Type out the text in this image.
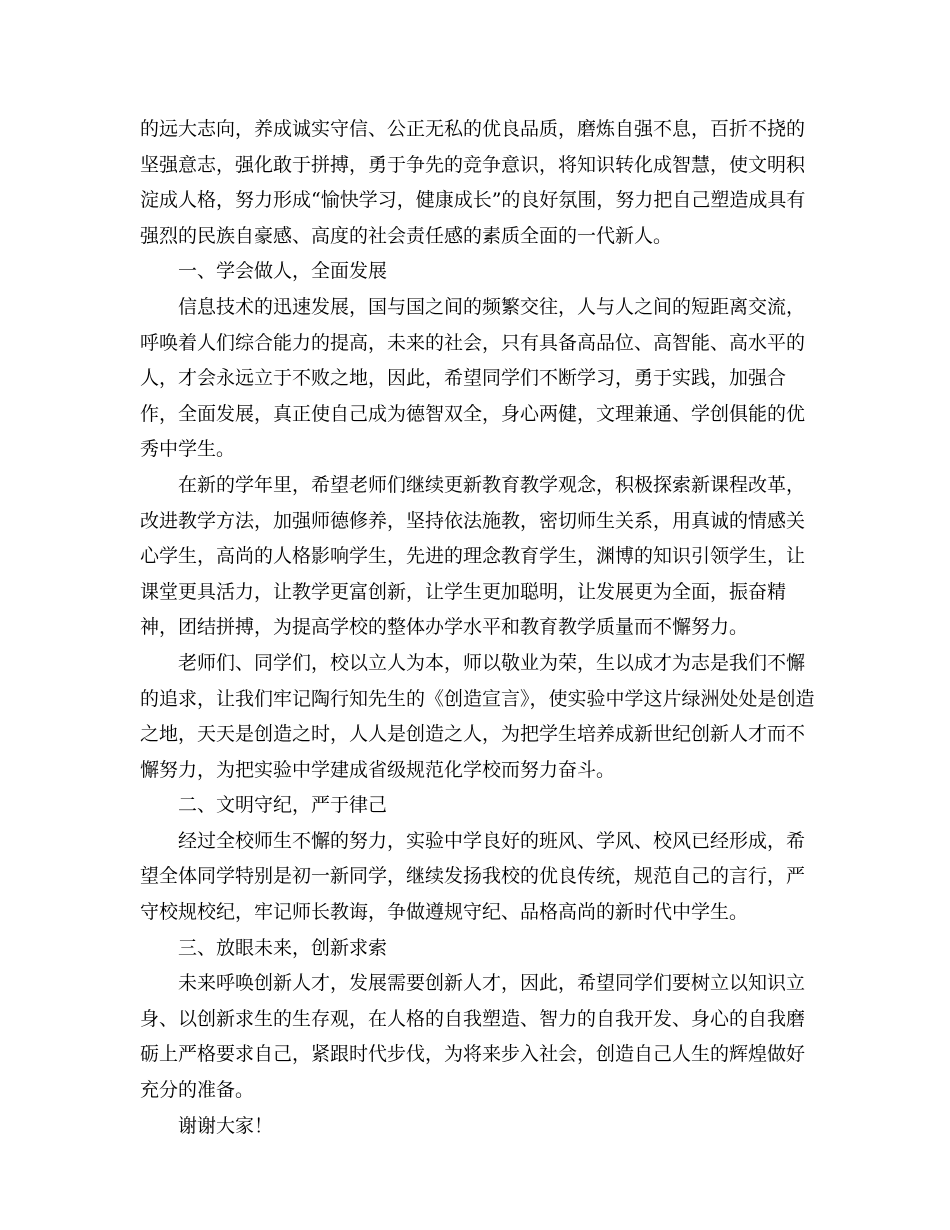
的远大志向，养成诚实守信、公正无私的优良品质，磨炼自强不息，百折不挠的坚强意志，强化敢于拼搏，勇于争先的竞争意识，将知识转化成智慧，使文明积淀成人格，努力形成“愉快学习，健康成长”的良好氛围，努力把自己塑造成具有强烈的民族自豪感、高度的社会责任感的素质全面的一代新人。

一、学会做人，全面发展

信息技术的迅速发展，国与国之间的频繁交往，人与人之间的短距离交流，呼唤着人们综合能力的提高，未来的社会，只有具备高品位、高智能、高水平的人，才会永远立于不败之地，因此，希望同学们不断学习，勇于实践，加强合作，全面发展，真正使自己成为德智双全，身心两健，文理兼通、学创俱能的优秀中学生。

在新的学年里，希望老师们继续更新教育教学观念，积极探索新课程改革，改进教学方法，加强师德修养，坚持依法施教，密切师生关系，用真诚的情感关心学生，高尚的人格影响学生，先进的理念教育学生，渊博的知识引领学生，让课堂更具活力，让教学更富创新，让学生更加聪明，让发展更为全面，振奋精神，团结拼搏，为提高学校的整体办学水平和教育教学质量而不懈努力。

老师们、同学们，校以立人为本，师以敬业为荣，生以成才为志是我们不懈的追求，让我们牢记陶行知先生的《创造宣言》，使实验中学这片绿洲处处是创造之地，天天是创造之时，人人是创造之人，为把学生培养成新世纪创新人才而不懈努力，为把实验中学建成省级规范化学校而努力奋斗。

二、文明守纪，严于律己

经过全校师生不懈的努力，实验中学良好的班风、学风、校风已经形成，希望全体同学特别是初一新同学，继续发扬我校的优良传统，规范自己的言行，严守校规校纪，牢记师长教诲，争做遵规守纪、品格高尚的新时代中学生。

三、放眼未来，创新求索

未来呼唤创新人才，发展需要创新人才，因此，希望同学们要树立以知识立身、以创新求生的生存观，在人格的自我塑造、智力的自我开发、身心的自我磨砺上严格要求自己，紧跟时代步伐，为将来步入社会，创造自己人生的辉煌做好充分的准备。

谢谢大家！
